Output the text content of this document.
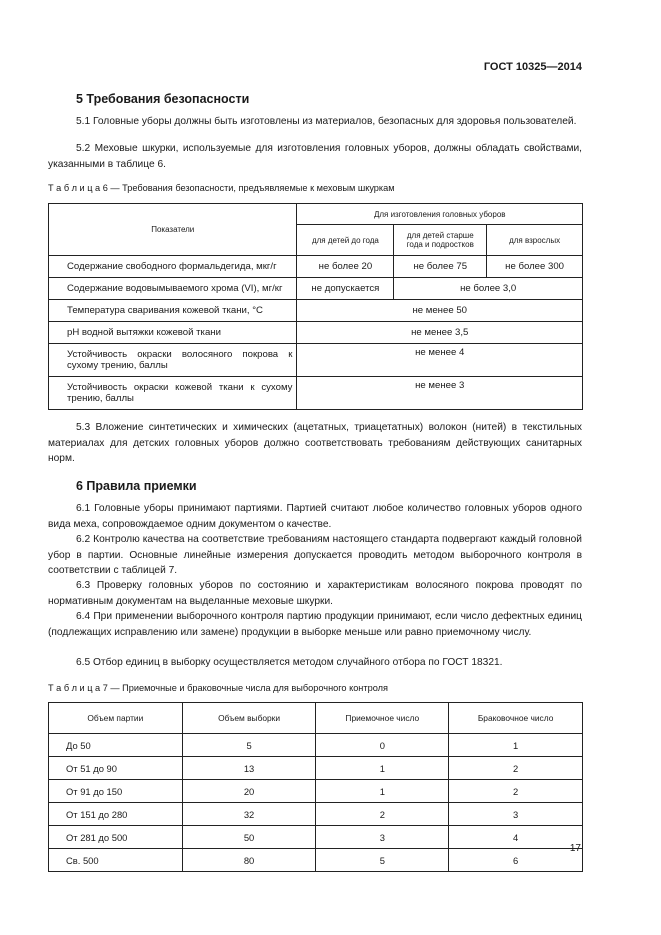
ГОСТ 10325—2014
5 Требования безопасности
5.1 Головные уборы должны быть изготовлены из материалов, безопасных для здоровья пользователей.
5.2 Меховые шкурки, используемые для изготовления головных уборов, должны обладать свойствами, указанными в таблице 6.
Т а б л и ц а 6 — Требования безопасности, предъявляемые к меховым шкуркам
Показатели	Для изготовления головных уборов		
	для детей до года	для детей старше года и подростков	для взрослых
Содержание свободного формальдегида, мкг/г	не более 20	не более 75	не более 300
Содержание водовымываемого хрома (VI), мг/кг	не допускается	не более 3,0	
Температура сваривания кожевой ткани, °С	не менее 50		
pH водной вытяжки кожевой ткани	не менее 3,5		
Устойчивость окраски волосяного покрова к сухому трению, баллы	не менее 4		
Устойчивость окраски кожевой ткани к сухому трению, баллы	не менее 3		
5.3 Вложение синтетических и химических (ацетатных, триацетатных) волокон (нитей) в текстильных материалах для детских головных уборов должно соответствовать требованиям действующих санитарных норм.
6 Правила приемки
6.1 Головные уборы принимают партиями. Партией считают любое количество головных уборов одного вида меха, сопровождаемое одним документом о качестве.
6.2 Контролю качества на соответствие требованиям настоящего стандарта подвергают каждый головной убор в партии. Основные линейные измерения допускается проводить методом выборочного контроля в соответствии с таблицей 7.
6.3 Проверку головных уборов по состоянию и характеристикам волосяного покрова проводят по нормативным документам на выделанные меховые шкурки.
6.4 При применении выборочного контроля партию продукции принимают, если число дефектных единиц (подлежащих исправлению или замене) продукции в выборке меньше или равно приемочному числу.
6.5 Отбор единиц в выборку осуществляется методом случайного отбора по ГОСТ 18321.
Т а б л и ц а 7 — Приемочные и браковочные числа для выборочного контроля
Объем партии	Объем выборки	Приемочное число	Браковочное число
До 50	5	0	1
От 51 до 90	13	1	2
От 91 до 150	20	1	2
От 151 до 280	32	2	3
От 281 до 500	50	3	4
Св. 500	80	5	6
17
